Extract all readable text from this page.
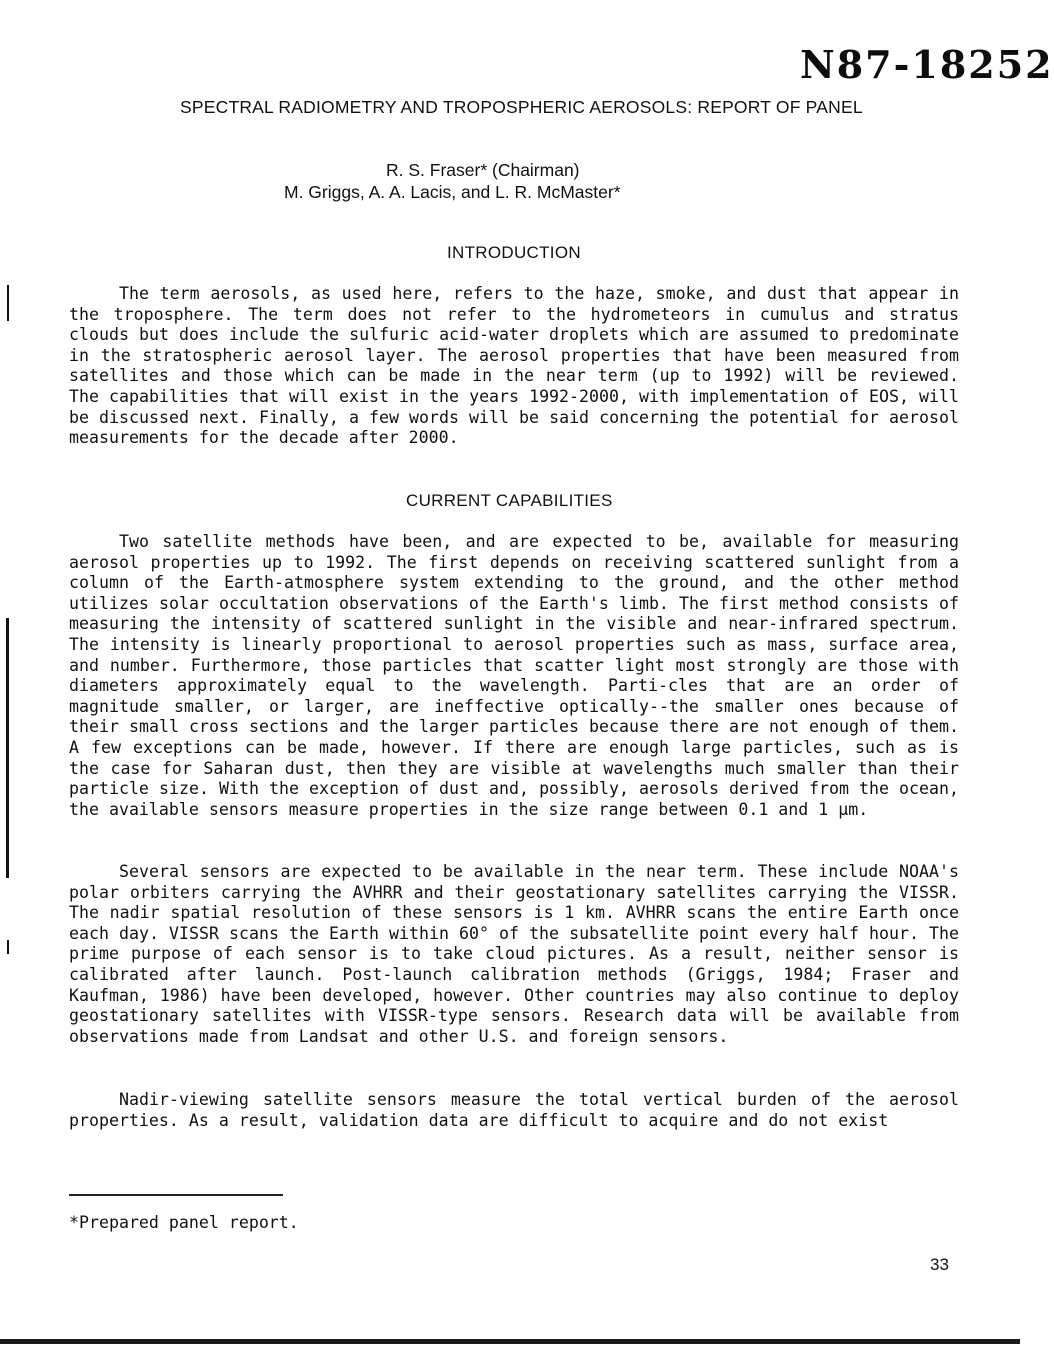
N87-18252
SPECTRAL RADIOMETRY AND TROPOSPHERIC AEROSOLS: REPORT OF PANEL
R. S. Fraser* (Chairman)
M. Griggs, A. A. Lacis, and L. R. McMaster*
INTRODUCTION

The term aerosols, as used here, refers to the haze, smoke, and dust that appear in the troposphere. The term does not refer to the hydrometeors in cumulus and stratus clouds but does include the sulfuric acid-water droplets which are assumed to predominate in the stratospheric aerosol layer. The aerosol properties that have been measured from satellites and those which can be made in the near term (up to 1992) will be reviewed. The capabilities that will exist in the years 1992-2000, with implementation of EOS, will be discussed next. Finally, a few words will be said concerning the potential for aerosol measurements for the decade after 2000.

CURRENT CAPABILITIES

Two satellite methods have been, and are expected to be, available for measuring aerosol properties up to 1992. The first depends on receiving scattered sunlight from a column of the Earth-atmosphere system extending to the ground, and the other method utilizes solar occultation observations of the Earth's limb. The first method consists of measuring the intensity of scattered sunlight in the visible and near-infrared spectrum. The intensity is linearly proportional to aerosol properties such as mass, surface area, and number. Furthermore, those particles that scatter light most strongly are those with diameters approximately equal to the wavelength. Parti-cles that are an order of magnitude smaller, or larger, are ineffective optically--the smaller ones because of their small cross sections and the larger particles because there are not enough of them. A few exceptions can be made, however. If there are enough large particles, such as is the case for Saharan dust, then they are visible at wavelengths much smaller than their particle size. With the exception of dust and, possibly, aerosols derived from the ocean, the available sensors measure properties in the size range between 0.1 and 1 µm.

Several sensors are expected to be available in the near term. These include NOAA's polar orbiters carrying the AVHRR and their geostationary satellites carrying the VISSR. The nadir spatial resolution of these sensors is 1 km. AVHRR scans the entire Earth once each day. VISSR scans the Earth within 60° of the subsatellite point every half hour. The prime purpose of each sensor is to take cloud pictures. As a result, neither sensor is calibrated after launch. Post-launch calibration methods (Griggs, 1984; Fraser and Kaufman, 1986) have been developed, however. Other countries may also continue to deploy geostationary satellites with VISSR-type sensors. Research data will be available from observations made from Landsat and other U.S. and foreign sensors.

Nadir-viewing satellite sensors measure the total vertical burden of the aerosol properties. As a result, validation data are difficult to acquire and do not exist

*Prepared panel report.
33
